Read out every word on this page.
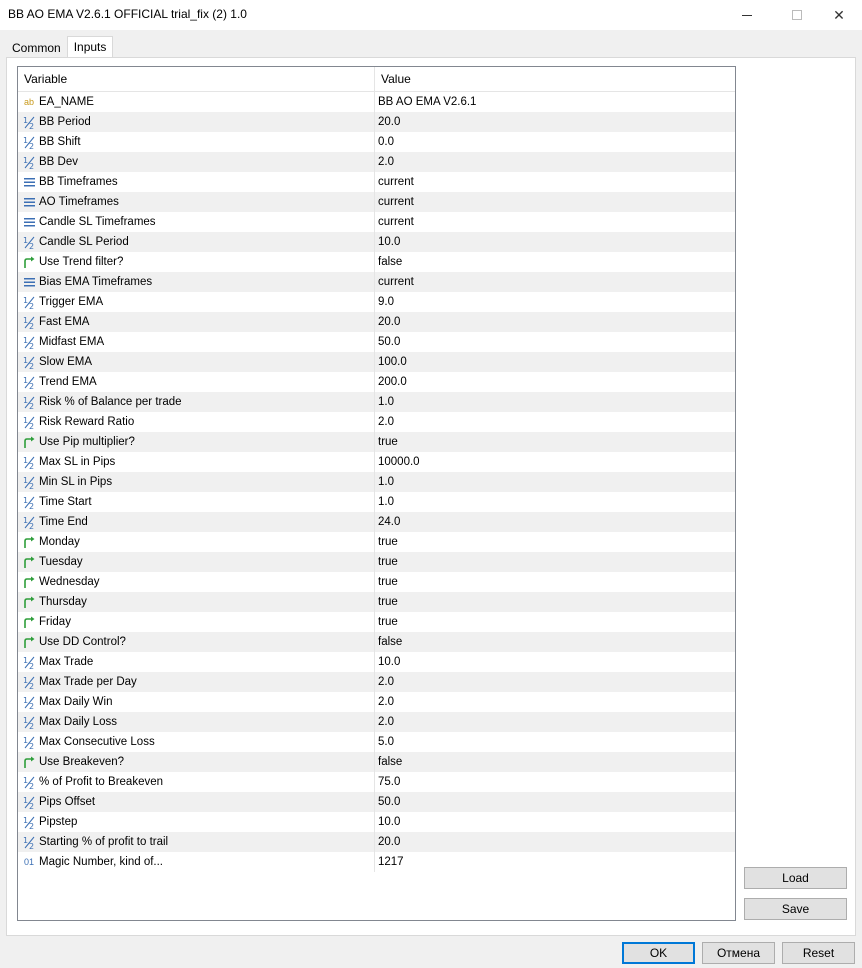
BB AO EMA V2.6.1 OFFICIAL trial_fix (2) 1.0	✕
Common	Inputs
Variable	Value
ab EA_NAME	BB AO EMA V2.6.1
1
2 BB Period	20.0
1
2 BB Shift	0.0
1
2 BB Dev	2.0
BB Timeframes	current
AO Timeframes	current
Candle SL Timeframes	current
1
2 Candle SL Period	10.0
Use Trend filter?	false
Bias EMA Timeframes	current
1
2 Trigger EMA	9.0
1
2 Fast EMA	20.0
1
2 Midfast EMA	50.0
1
2 Slow EMA	100.0
1
2 Trend EMA	200.0
1
2 Risk % of Balance per trade	1.0
1
2 Risk Reward Ratio	2.0
Use Pip multiplier?	true
1
2 Max SL in Pips	10000.0
1
2 Min SL in Pips	1.0
1
2 Time Start	1.0
1
2 Time End	24.0
Monday	true
Tuesday	true
Wednesday	true
Thursday	true
Friday	true
Use DD Control?	false
1
2 Max Trade	10.0
1
2 Max Trade per Day	2.0
1
2 Max Daily Win	2.0
1
2 Max Daily Loss	2.0
1
2 Max Consecutive Loss	5.0
Use Breakeven?	false
1
2 % of Profit to Breakeven	75.0
1
2 Pips Offset	50.0
1
2 Pipstep	10.0
1
2 Starting % of profit to trail	20.0
01 Magic Number, kind of...	1217
Load
Save
OK	Отмена	Reset
